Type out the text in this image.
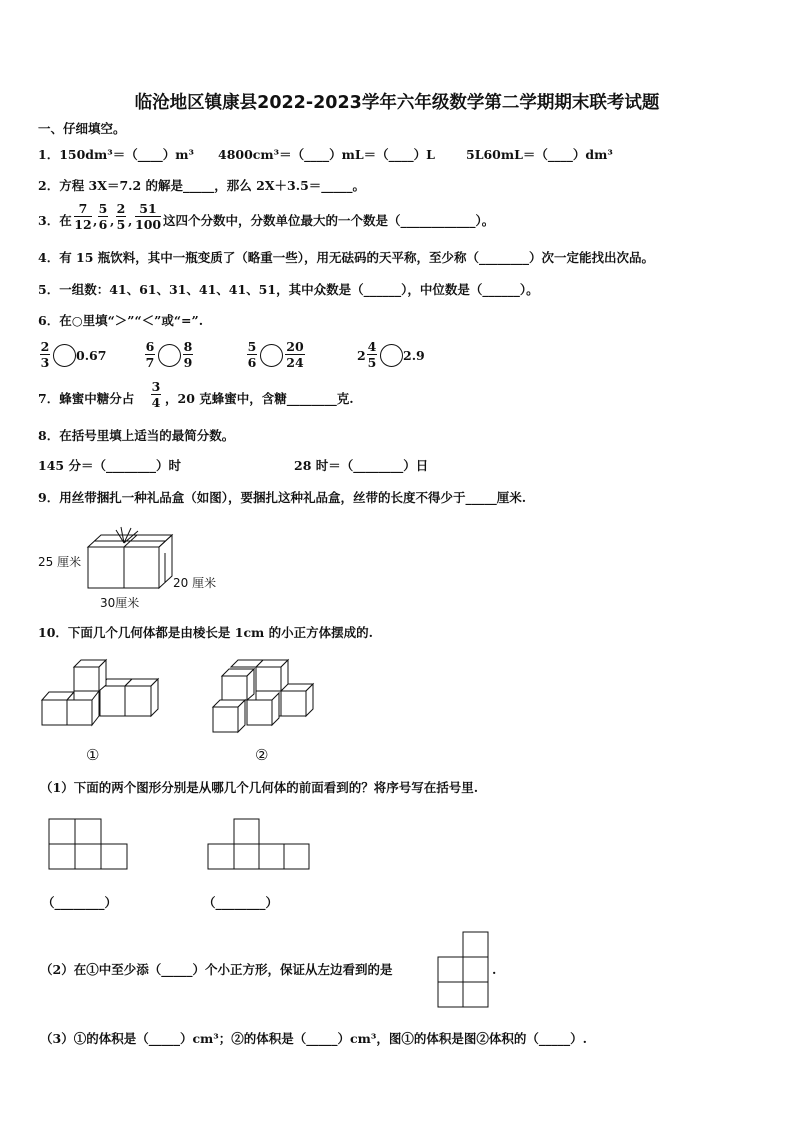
临沧地区镇康县2022-2023学年六年级数学第二学期期末联考试题
一、仔细填空。
1．150dm³＝（____）m³ 4800cm³＝（____）mL＝（____）L 5L60mL＝（____）dm³
2．方程 3X＝7.2 的解是_____，那么 2X＋3.5＝_____。
3．在 $\frac{7}{12}$ , $\frac{5}{6}$ , $\frac{2}{5}$ , $\frac{51}{100}$ 这四个分数中，分数单位最大的一个数是（____________）。
4．有 15 瓶饮料，其中一瓶变质了（略重一些），用无砝码的天平称，至少称（________）次一定能找出次品。
5．一组数：41、61、31、41、41、51，其中众数是（______），中位数是（______）。
6．在○里填“＞”“＜”或“=”.
$\frac{2}{3} 0.67$	$\frac{6}{7} \frac{8}{9}$	$\frac{5}{6} \frac{20}{24}$	$2 \frac{4}{5} 2.9$
7．蜂蜜中糖分占 $\frac{3}{4}$ ，20 克蜂蜜中，含糖________克.
8．在括号里填上适当的最简分数。
145 分＝（________）时	28 时＝（________）日
9．用丝带捆扎一种礼品盒（如图），要捆扎这种礼品盒，丝带的长度不得少于_____厘米.
25 厘米
20 厘米
30厘米
10．下面几个几何体都是由棱长是 1cm 的小正方体摆成的.
①	②
（1）下面的两个图形分别是从哪几个几何体的前面看到的？将序号写在括号里.
（________）	（________）
（2）在①中至少添（_____）个小正方形，保证从左边看到的是	.
（3）①的体积是（_____）cm³；②的体积是（_____）cm³，图①的体积是图②体积的（_____）.
